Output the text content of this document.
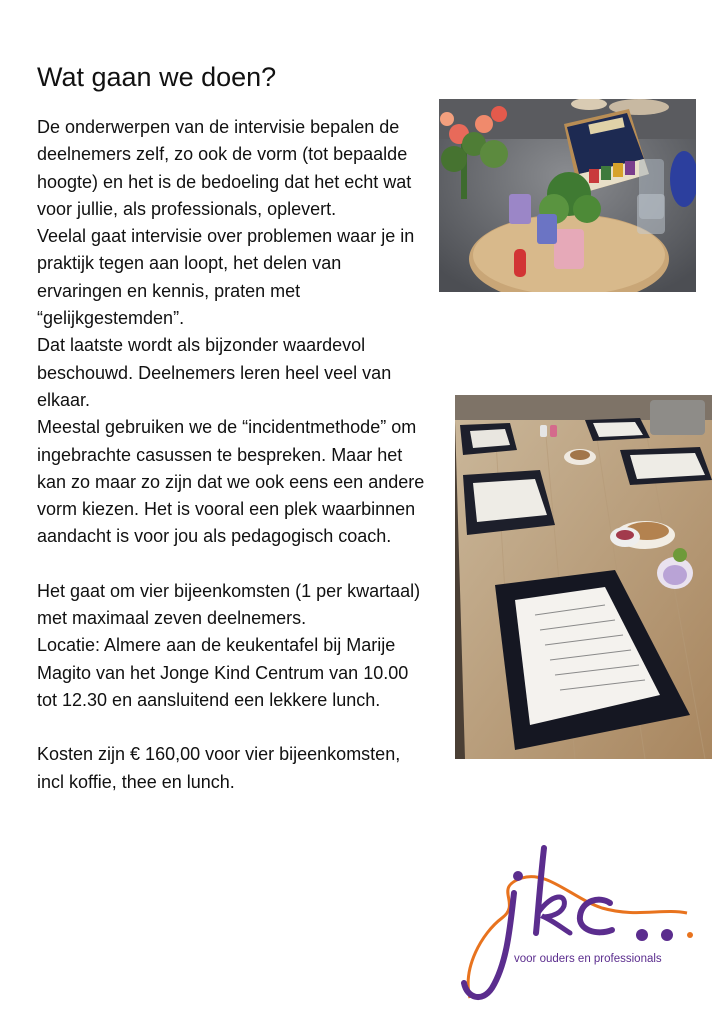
Wat gaan we doen?

De onderwerpen van de intervisie bepalen de deelnemers zelf, zo ook de vorm (tot bepaalde hoogte) en het is de bedoeling dat het echt wat voor jullie, als professionals, oplevert.

Veelal gaat intervisie over problemen waar je in praktijk tegen aan loopt, het delen van ervaringen en kennis, praten met “gelijkgestemden”.

Dat laatste wordt als bijzonder waardevol beschouwd. Deelnemers leren heel veel van elkaar.

Meestal gebruiken we de “incidentmethode” om ingebrachte casussen te bespreken. Maar het kan zo maar zo zijn dat we ook eens een andere vorm kiezen. Het is vooral een plek waarbinnen aandacht is voor jou als pedagogisch coach.

Het gaat om vier bijeenkomsten (1 per kwartaal) met maximaal zeven deelnemers.

Locatie: Almere aan de keukentafel bij Marije Magito van het Jonge Kind Centrum van 10.00 tot 12.30 en aansluitend een lekkere lunch.

Kosten zijn € 160,00 voor vier bijeenkomsten, incl koffie, thee en lunch.

voor ouders en professionals
